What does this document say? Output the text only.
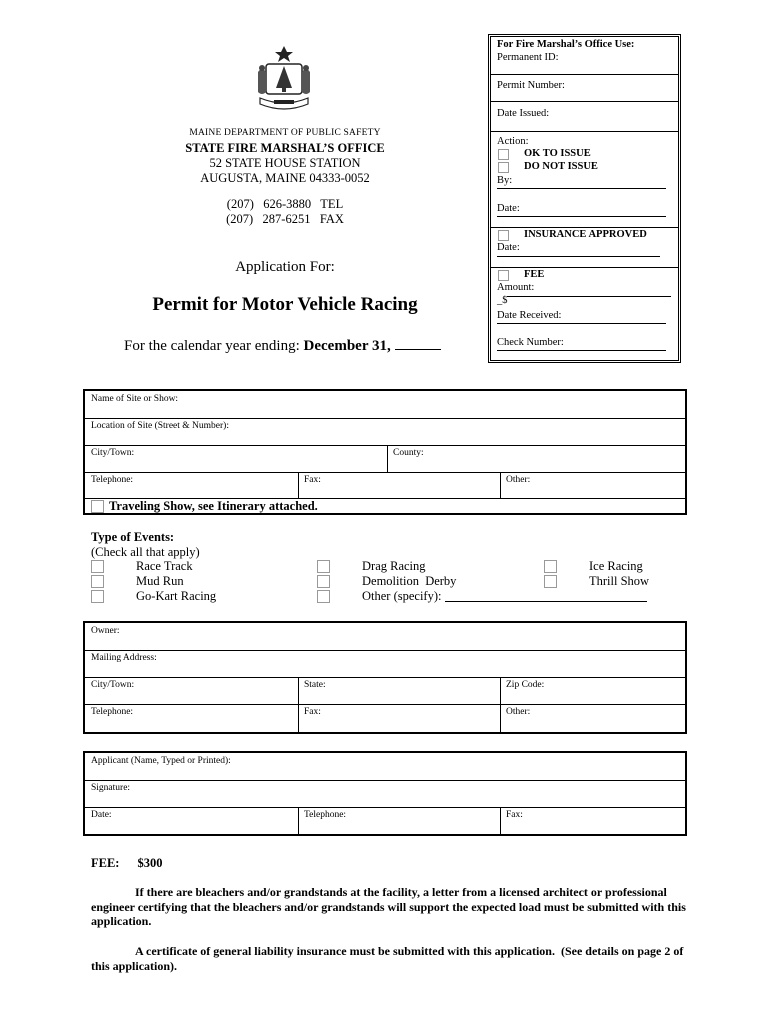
MAINE DEPARTMENT OF PUBLIC SAFETY
STATE FIRE MARSHAL’S OFFICE
52 STATE HOUSE STATION
AUGUSTA, MAINE 04333-0052
(207)   626-3880   TEL
(207)   287-6251   FAX
Application For:
Permit for Motor Vehicle Racing
For the calendar year ending: December 31,
For Fire Marshal’s Office Use:
Permanent ID:
Permit Number:
Date Issued:
Action:
OK TO ISSUE
DO NOT ISSUE
By:
Date:
INSURANCE APPROVED
Date:
FEE
Amount:
_$
Date Received:
Check Number:
Name of Site or Show:
Location of Site (Street & Number):
City/Town:	County:
Telephone:	Fax:	Other:
Traveling Show, see Itinerary attached.
Type of Events:
(Check all that apply)
Race Track
Mud Run
Go-Kart Racing
Drag Racing
Demolition  Derby
Other (specify):
Ice Racing
Thrill Show
Owner:
Mailing Address:
City/Town:	State:	Zip Code:
Telephone:	Fax:	Other:
Applicant (Name, Typed or Printed):
Signature:
Date:	Telephone:	Fax:
FEE: $300
If there are bleachers and/or grandstands at the facility, a letter from a licensed architect or professional engineer certifying that the bleachers and/or grandstands will support the expected load must be submitted with this application.
A certificate of general liability insurance must be submitted with this application.  (See details on page 2 of this application).
